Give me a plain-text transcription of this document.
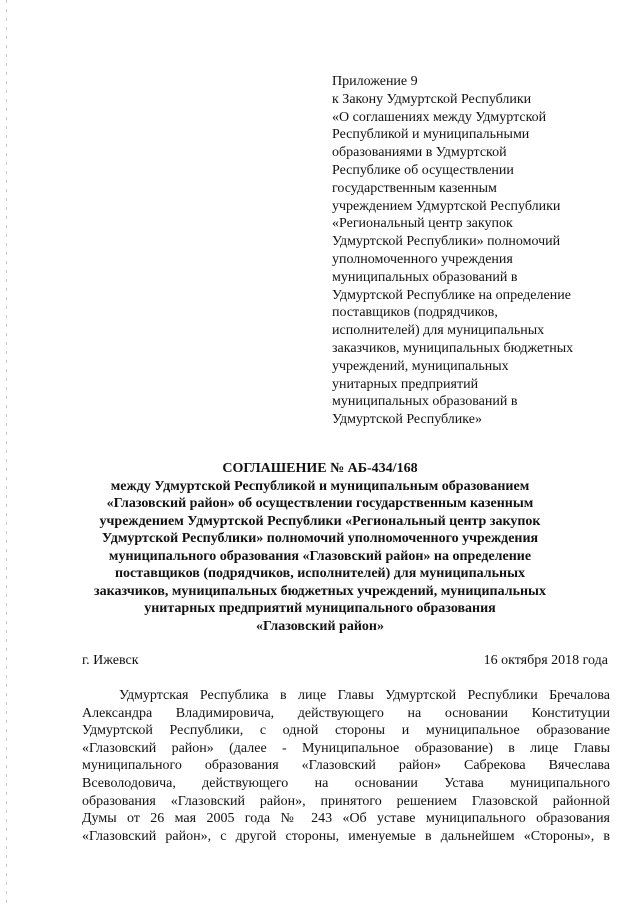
Приложение 9
к Закону Удмуртской Республики
«О соглашениях между Удмуртской
Республикой и муниципальными
образованиями в Удмуртской
Республике об осуществлении
государственным казенным
учреждением Удмуртской Республики
«Региональный центр закупок
Удмуртской Республики» полномочий
уполномоченного учреждения
муниципальных образований в
Удмуртской Республике на определение
поставщиков (подрядчиков,
исполнителей) для муниципальных
заказчиков, муниципальных бюджетных
учреждений, муниципальных
унитарных предприятий
муниципальных образований в
Удмуртской Республике»
СОГЛАШЕНИЕ № АБ-434/168
между Удмуртской Республикой и муниципальным образованием
«Глазовский район» об осуществлении государственным казенным
учреждением Удмуртской Республики «Региональный центр закупок
Удмуртской Республики» полномочий уполномоченного учреждения
муниципального образования «Глазовский район» на определение
поставщиков (подрядчиков, исполнителей) для муниципальных
заказчиков, муниципальных бюджетных учреждений, муниципальных
унитарных предприятий муниципального образования
«Глазовский район»
г. Ижевск	16 октября 2018 года
Удмуртская Республика в лице Главы Удмуртской Республики Бречалова
Александра Владимировича, действующего на основании Конституции
Удмуртской Республики, с одной стороны и муниципальное образование
«Глазовский район» (далее - Муниципальное образование) в лице Главы
муниципального образования «Глазовский район» Сабрекова Вячеслава
Всеволодовича, действующего на основании Устава муниципального
образования «Глазовский район», принятого решением Глазовской районной
Думы от 26 мая 2005 года № 243 «Об уставе муниципального образования
«Глазовский район», с другой стороны, именуемые в дальнейшем «Стороны», в
